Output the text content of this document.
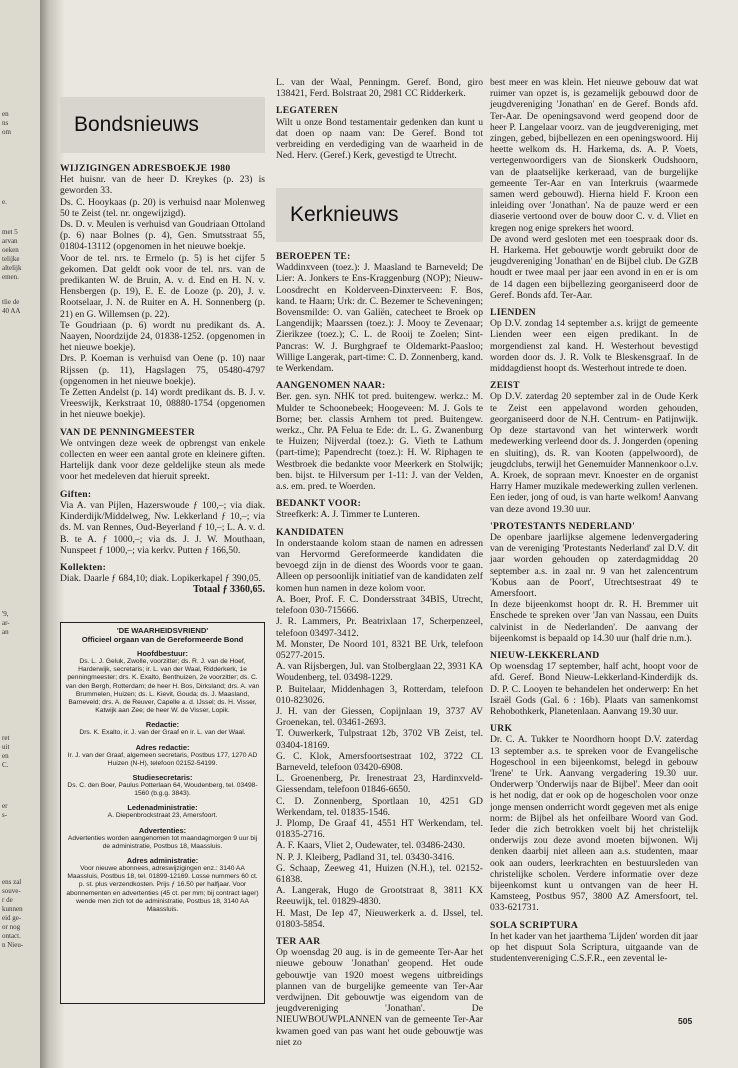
en
ns
om
e.
met 5
arvan
oeken
telijke
altelijk
emen.
tlie de
40 AA
'9,
ar-
an
ret
uit
en
C.
er
s-
ens zal
souve-
r de
kunnen
eid ge-
or nog
ontact.
n Nieu-
Bondsnieuws
WIJZIGINGEN ADRESBOEKJE 1980

Het huisnr. van de heer D. Kreykes (p. 23) is geworden 33.
Ds. C. Hooykaas (p. 20) is verhuisd naar Molenweg 50 te Zeist (tel. nr. ongewijzigd).
Ds. D. v. Meulen is verhuisd van Goudriaan Ottoland (p. 6) naar Bolnes (p. 4), Gen. Smutsstraat 55, 01804-13112 (opgenomen in het nieuwe boekje.
Voor de tel. nrs. te Ermelo (p. 5) is het cijfer 5 gekomen. Dat geldt ook voor de tel. nrs. van de predikanten W. de Bruin, A. v. d. End en H. N. v. Hensbergen (p. 19), E. E. de Looze (p. 20), J. v. Rootselaar, J. N. de Ruiter en A. H. Sonnenberg (p. 21) en G. Willemsen (p. 22).
Te Goudriaan (p. 6) wordt nu predikant ds. A. Naayen, Noordzijde 24, 01838-1252. (opgenomen in het nieuwe boekje).
Drs. P. Koeman is verhuisd van Oene (p. 10) naar Rijssen (p. 11), Hagslagen 75, 05480-4797 (opgenomen in het nieuwe boekje).
Te Zetten Andelst (p. 14) wordt predikant ds. B. J. v. Vreeswijk, Kerkstraat 10, 08880-1754 (opgenomen in het nieuwe boekje).

VAN DE PENNINGMEESTER

We ontvingen deze week de opbrengst van enkele collecten en weer een aantal grote en kleinere giften. Hartelijk dank voor deze geldelijke steun als mede voor het medeleven dat hieruit spreekt.

Giften:

Via A. van Pijlen, Hazerswoude ƒ 100,–; via diak. Kinderdijk/Middelweg, Nw. Lekkerland ƒ 10,–; via ds. M. van Rennes, Oud-Beyerland ƒ 10,–; L. A. v. d. B. te A. ƒ 1000,–; via ds. J. J. W. Mouthaan, Nunspeet ƒ 1000,–; via kerkv. Putten ƒ 166,50.

Kollekten:

Diak. Daarle ƒ 684,10; diak. Lopikerkapel ƒ 390,05.

Totaal ƒ 3360,65.

'DE WAARHEIDSVRIEND'
Officieel orgaan van de Gereformeerde Bond
Hoofdbestuur:
Ds. L. J. Geluk, Zwolle, voorzitter; ds. R. J. van de Hoef, Harderwijk, secretaris; ir. L. van der Waal, Ridderkerk, 1e penningmeester; drs. K. Exalto, Benthuizen, 2e voorzitter; ds. C. van den Bergh, Rotterdam; de heer H. Bos, Dirksland; drs. A. van Brummelen, Huizen; ds. L. Kievit, Gouda; ds. J. Maasland, Barneveld; drs. A. de Reuver, Capelle a. d. IJssel; ds. H. Visser, Katwijk aan Zee; de heer W. de Visser, Lopik.
Redactie:
Drs. K. Exalto, ir. J. van der Graaf en ir. L. van der Waal.
Adres redactie:
Ir. J. van der Graaf, algemeen secretaris, Postbus 177, 1270 AD Huizen (N-H), telefoon 02152-54199.
Studiesecretaris:
Ds. C. den Boer, Paulus Potterlaan 64, Woudenberg, tel. 03498-1560 (b.g.g. 3843).
Ledenadministratie:
A. Diepenbrockstraat 23, Amersfoort.
Advertenties:
Advertenties worden aangenomen tot maandagmorgen 9 uur bij de administratie, Postbus 18, Maassluis.
Adres administratie:
Voor nieuwe abonnees, adreswijzigingen enz.: 3140 AA Maassluis, Postbus 18, tel. 01899-12169. Losse nummers 60 ct. p. st. plus verzendkosten. Prijs ƒ 16.50 per halfjaar. Voor abonnementen en advertenties (45 ct. per mm; bij contract lager) wende men zich tot de administratie, Postbus 18, 3140 AA Maassluis.

L. van der Waal, Penningm. Geref. Bond, giro 138421, Ferd. Bolstraat 20, 2981 CC Ridderkerk.

LEGATEREN

Wilt u onze Bond testamentair gedenken dan kunt u dat doen op naam van: De Geref. Bond tot verbreiding en verdediging van de waarheid in de Ned. Herv. (Geref.) Kerk, gevestigd te Utrecht.

Kerknieuws
BEROEPEN TE:

Waddinxveen (toez.): J. Maasland te Barneveld; De Lier: A. Jonkers te Ens-Kraggenburg (NOP); Nieuw-Loosdrecht en Kolderveen-Dinxterveen: F. Bos, kand. te Haarn; Urk: dr. C. Bezemer te Scheveningen; Bovensmilde: O. van Galiën, catecheet te Broek op Langendijk; Maarssen (toez.): J. Mooy te Zevenaar; Zierikzee (toez.); C. L. de Rooij te Zoelen; Sint-Pancras: W. J. Burghgraef te Oldemarkt-Paasloo; Willige Langerak, part-time: C. D. Zonnenberg, kand. te Werkendam.

AANGENOMEN NAAR:

Ber. gen. syn. NHK tot pred. buitengew. werkz.: M. Mulder te Schoonebeek; Hoogeveen: M. J. Gols te Borne; ber. classis Arnhem tot pred. Buitengew. werkz., Chr. PA Felua te Ede: dr. L. G. Zwanenburg te Huizen; Nijverdal (toez.): G. Vieth te Lathum (part-time); Papendrecht (toez.): H. W. Riphagen te Westbroek die bedankte voor Meerkerk en Stolwijk; ben. bijst. te Hilversum per 1-11: J. van der Velden, a.s. em. pred. te Woerden.

BEDANKT VOOR:

Streefkerk: A. J. Timmer te Lunteren.

KANDIDATEN

In onderstaande kolom staan de namen en adressen van Hervormd Gereformeerde kandidaten die bevoegd zijn in de dienst des Woords voor te gaan. Alleen op persoonlijk initiatief van de kandidaten zelf komen hun namen in deze kolom voor.

A. Boer, Prof. F. C. Dondersstraat 34BIS, Utrecht, telefoon 030-715666.

J. R. Lammers, Pr. Beatrixlaan 17, Scherpenzeel, telefoon 03497-3412.

M. Monster, De Noord 101, 8321 BE Urk, telefoon 05277-2015.

A. van Rijsbergen, Jul. van Stolberglaan 22, 3931 KA Woudenberg, tel. 03498-1229.

P. Buitelaar, Middenhagen 3, Rotterdam, telefoon 010-823026.

J. H. van der Giessen, Copijnlaan 19, 3737 AV Groenekan, tel. 03461-2693.

T. Ouwerkerk, Tulpstraat 12b, 3702 VB Zeist, tel. 03404-18169.

G. C. Klok, Amersfoortsestraat 102, 3722 CL Barneveld, telefoon 03420-6908.

L. Groenenberg, Pr. Irenestraat 23, Hardinxveld-Giessendam, telefoon 01846-6650.

C. D. Zonnenberg, Sportlaan 10, 4251 GD Werkendam, tel. 01835-1546.

J. Plomp, De Graaf 41, 4551 HT Werkendam, tel. 01835-2716.

A. F. Kaars, Vliet 2, Oudewater, tel. 03486-2430.

N. P. J. Kleiberg, Padland 31, tel. 03430-3416.

G. Schaap, Zeeweg 41, Huizen (N.H.), tel. 02152-61838.

A. Langerak, Hugo de Grootstraat 8, 3811 KX Reeuwijk, tel. 01829-4830.

H. Mast, De Iep 47, Nieuwerkerk a. d. IJssel, tel. 01803-5854.

TER AAR

Op woensdag 20 aug. is in de gemeente Ter-Aar het nieuwe gebouw 'Jonathan' geopend. Het oude gebouwtje van 1920 moest wegens uitbreidings plannen van de burgelijke gemeente van Ter-Aar verdwijnen. Dit gebouwtje was eigendom van de jeugdvereniging 'Jonathan'. De NIEUWBOUWPLANNEN van de gemeente Ter-Aar kwamen goed van pas want het oude gebouwtje was niet zo

best meer en was klein. Het nieuwe gebouw dat wat ruimer van opzet is, is gezamelijk gebouwd door de jeugdvereniging 'Jonathan' en de Geref. Bonds afd. Ter-Aar. De openingsavond werd geopend door de heer P. Langelaar voorz. van de jeugdvereniging, met zingen, gebed, bijbellezen en een openingswoord. Hij heette welkom ds. H. Harkema, ds. A. P. Voets, vertegenwoordigers van de Sionskerk Oudshoorn, van de plaatselijke kerkeraad, van de burgelijke gemeente Ter-Aar en van Interkruis (waarmede samen werd gebouwd). Hierna hield F. Kroon een inleiding over 'Jonathan'. Na de pauze werd er een diaserie vertoond over de bouw door C. v. d. Vliet en kregen nog enige sprekers het woord.

De avond werd gesloten met een toespraak door ds. H. Harkema. Het gebouwtje wordt gebruikt door de jeugdvereniging 'Jonathan' en de Bijbel club. De GZB houdt er twee maal per jaar een avond in en er is om de 14 dagen een bijbellezing georganiseerd door de Geref. Bonds afd. Ter-Aar.

LIENDEN

Op D.V. zondag 14 september a.s. krijgt de gemeente Lienden weer een eigen predikant. In de morgendienst zal kand. H. Westerhout bevestigd worden door ds. J. R. Volk te Bleskensgraaf. In de middagdienst hoopt ds. Westerhout intrede te doen.

ZEIST

Op D.V. zaterdag 20 september zal in de Oude Kerk te Zeist een appelavond worden gehouden, georganiseerd door de N.H. Centrum- en Patijnwijk. Op deze startavond van het winterwerk wordt medewerking verleend door ds. J. Jongerden (opening en sluiting), ds. R. van Kooten (appelwoord), de jeugdclubs, terwijl het Genemuider Mannenkoor o.l.v. A. Kroek, de sopraan mevr. Knoester en de organist Harry Hamer muzikale medewerking zullen verlenen. Een ieder, jong of oud, is van harte welkom! Aanvang van deze avond 19.30 uur.

'PROTESTANTS NEDERLAND'

De openbare jaarlijkse algemene ledenvergadering van de vereniging 'Protestants Nederland' zal D.V. dit jaar worden gehouden op zaterdagmiddag 20 september a.s. in zaal nr. 9 van het zalencentrum 'Kobus aan de Poort', Utrechtsestraat 49 te Amersfoort.

In deze bijeenkomst hoopt dr. R. H. Bremmer uit Enschede te spreken over 'Jan van Nassau, een Duits calvinist in de Nederlanden'. De aanvang der bijeenkomst is bepaald op 14.30 uur (half drie n.m.).

NIEUW-LEKKERLAND

Op woensdag 17 september, half acht, hoopt voor de afd. Geref. Bond Nieuw-Lekkerland-Kinderdijk ds. D. P. C. Looyen te behandelen het onderwerp: En het Israël Gods (Gal. 6 : 16b). Plaats van samenkomst Rehobothkerk, Planetenlaan. Aanvang 19.30 uur.

URK

Dr. C. A. Tukker te Noordhorn hoopt D.V. zaterdag 13 september a.s. te spreken voor de Evangelische Hogeschool in een bijeenkomst, belegd in gebouw 'Irene' te Urk. Aanvang vergadering 19.30 uur. Onderwerp 'Onderwijs naar de Bijbel'. Meer dan ooit is het nodig, dat er ook op de hogescholen voor onze jonge mensen onderricht wordt gegeven met als enige norm: de Bijbel als het onfeilbare Woord van God. Ieder die zich betrokken voelt bij het christelijk onderwijs zou deze avond moeten bijwonen. Wij denken daarbij niet alleen aan a.s. studenten, maar ook aan ouders, leerkrachten en bestuursleden van christelijke scholen. Verdere informatie over deze bijeenkomst kunt u ontvangen van de heer H. Kamsteeg, Postbus 957, 3800 AZ Amersfoort, tel. 033-621731.

SOLA SCRIPTURA

In het kader van het jaarthema 'Lijden' worden dit jaar op het dispuut Sola Scriptura, uitgaande van de studentenvereniging C.S.F.R., een zevental le-

505
